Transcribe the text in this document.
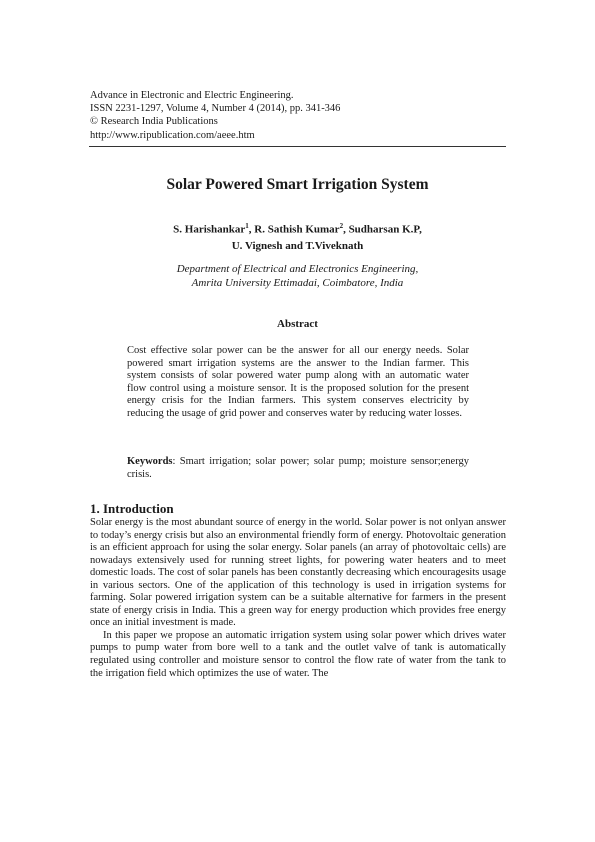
Advance in Electronic and Electric Engineering.
ISSN 2231-1297, Volume 4, Number 4 (2014), pp. 341-346
© Research India Publications
http://www.ripublication.com/aeee.htm
Solar Powered Smart Irrigation System
S. Harishankar$^1$, R. Sathish Kumar$^2$, Sudharsan K.P,
U. Vignesh and T.Viveknath
Department of Electrical and Electronics Engineering,
Amrita University Ettimadai, Coimbatore, India
Abstract
Cost effective solar power can be the answer for all our energy needs. Solar powered smart irrigation systems are the answer to the Indian farmer. This system consists of solar powered water pump along with an automatic water flow control using a moisture sensor. It is the proposed solution for the present energy crisis for the Indian farmers. This system conserves electricity by reducing the usage of grid power and conserves water by reducing water losses.
Keywords: Smart irrigation; solar power; solar pump; moisture sensor;energy crisis.
1. Introduction

Solar energy is the most abundant source of energy in the world. Solar power is not onlyan answer to today’s energy crisis but also an environmental friendly form of energy. Photovoltaic generation is an efficient approach for using the solar energy. Solar panels (an array of photovoltaic cells) are nowadays extensively used for running street lights, for powering water heaters and to meet domestic loads. The cost of solar panels has been constantly decreasing which encouragesits usage in various sectors. One of the application of this technology is used in irrigation systems for farming. Solar powered irrigation system can be a suitable alternative for farmers in the present state of energy crisis in India. This a green way for energy production which provides free energy once an initial investment is made.

In this paper we propose an automatic irrigation system using solar power which drives water pumps to pump water from bore well to a tank and the outlet valve of tank is automatically regulated using controller and moisture sensor to control the flow rate of water from the tank to the irrigation field which optimizes the use of water. The
